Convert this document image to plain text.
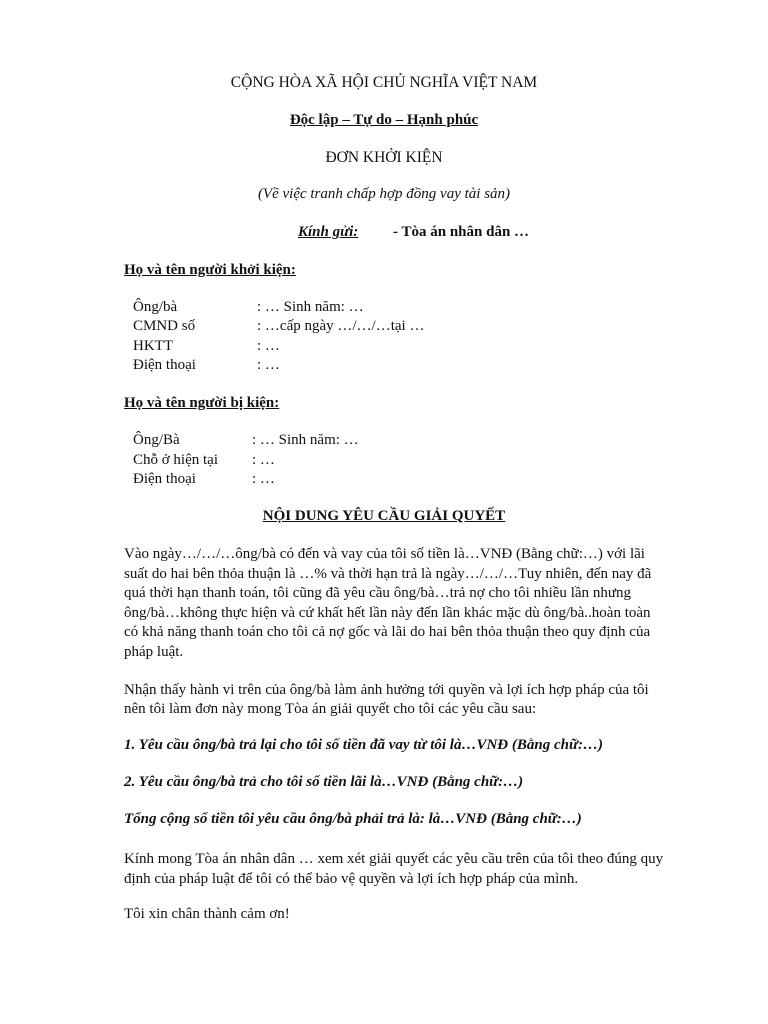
CỘNG HÒA XÃ HỘI CHỦ NGHĨA VIỆT NAM
Độc lập – Tự do – Hạnh phúc
ĐƠN KHỞI KIỆN
(Về việc tranh chấp hợp đồng vay tài sản)
Kính gửi: - Tòa án nhân dân …
Họ và tên người khởi kiện:
Ông/bà	: … Sinh năm: …
CMND số	: …cấp ngày …/…/…tại …
HKTT	: …
Điện thoại	: …
Họ và tên người bị kiện:
Ông/Bà	: … Sinh năm: …
Chỗ ở hiện tại : …
Điện thoại	: …
NỘI DUNG YÊU CẦU GIẢI QUYẾT
Vào ngày…/…/…ông/bà có đến và vay của tôi số tiền là…VNĐ (Bằng chữ:…) với lãi
suất do hai bên thỏa thuận là …% và thời hạn trả là ngày…/…/…Tuy nhiên, đến nay đã
quá thời hạn thanh toán, tôi cũng đã yêu cầu ông/bà…trả nợ cho tôi nhiều lần nhưng
ông/bà…không thực hiện và cứ khất hết lần này đến lần khác mặc dù ông/bà..hoàn toàn
có khả năng thanh toán cho tôi cả nợ gốc và lãi do hai bên thỏa thuận theo quy định của
pháp luật.
Nhận thấy hành vi trên của ông/bà làm ảnh hưởng tới quyền và lợi ích hợp pháp của tôi
nên tôi làm đơn này mong Tòa án giải quyết cho tôi các yêu cầu sau:
1. Yêu cầu ông/bà trả lại cho tôi số tiền đã vay từ tôi là…VNĐ (Bằng chữ:…)
2. Yêu cầu ông/bà trả cho tôi số tiền lãi là…VNĐ (Bằng chữ:…)
Tổng cộng số tiền tôi yêu cầu ông/bà phải trả là: là…VNĐ (Bằng chữ:…)
Kính mong Tòa án nhân dân … xem xét giải quyết các yêu cầu trên của tôi theo đúng quy
định của pháp luật để tôi có thể bảo vệ quyền và lợi ích hợp pháp của mình.
Tôi xin chân thành cảm ơn!
